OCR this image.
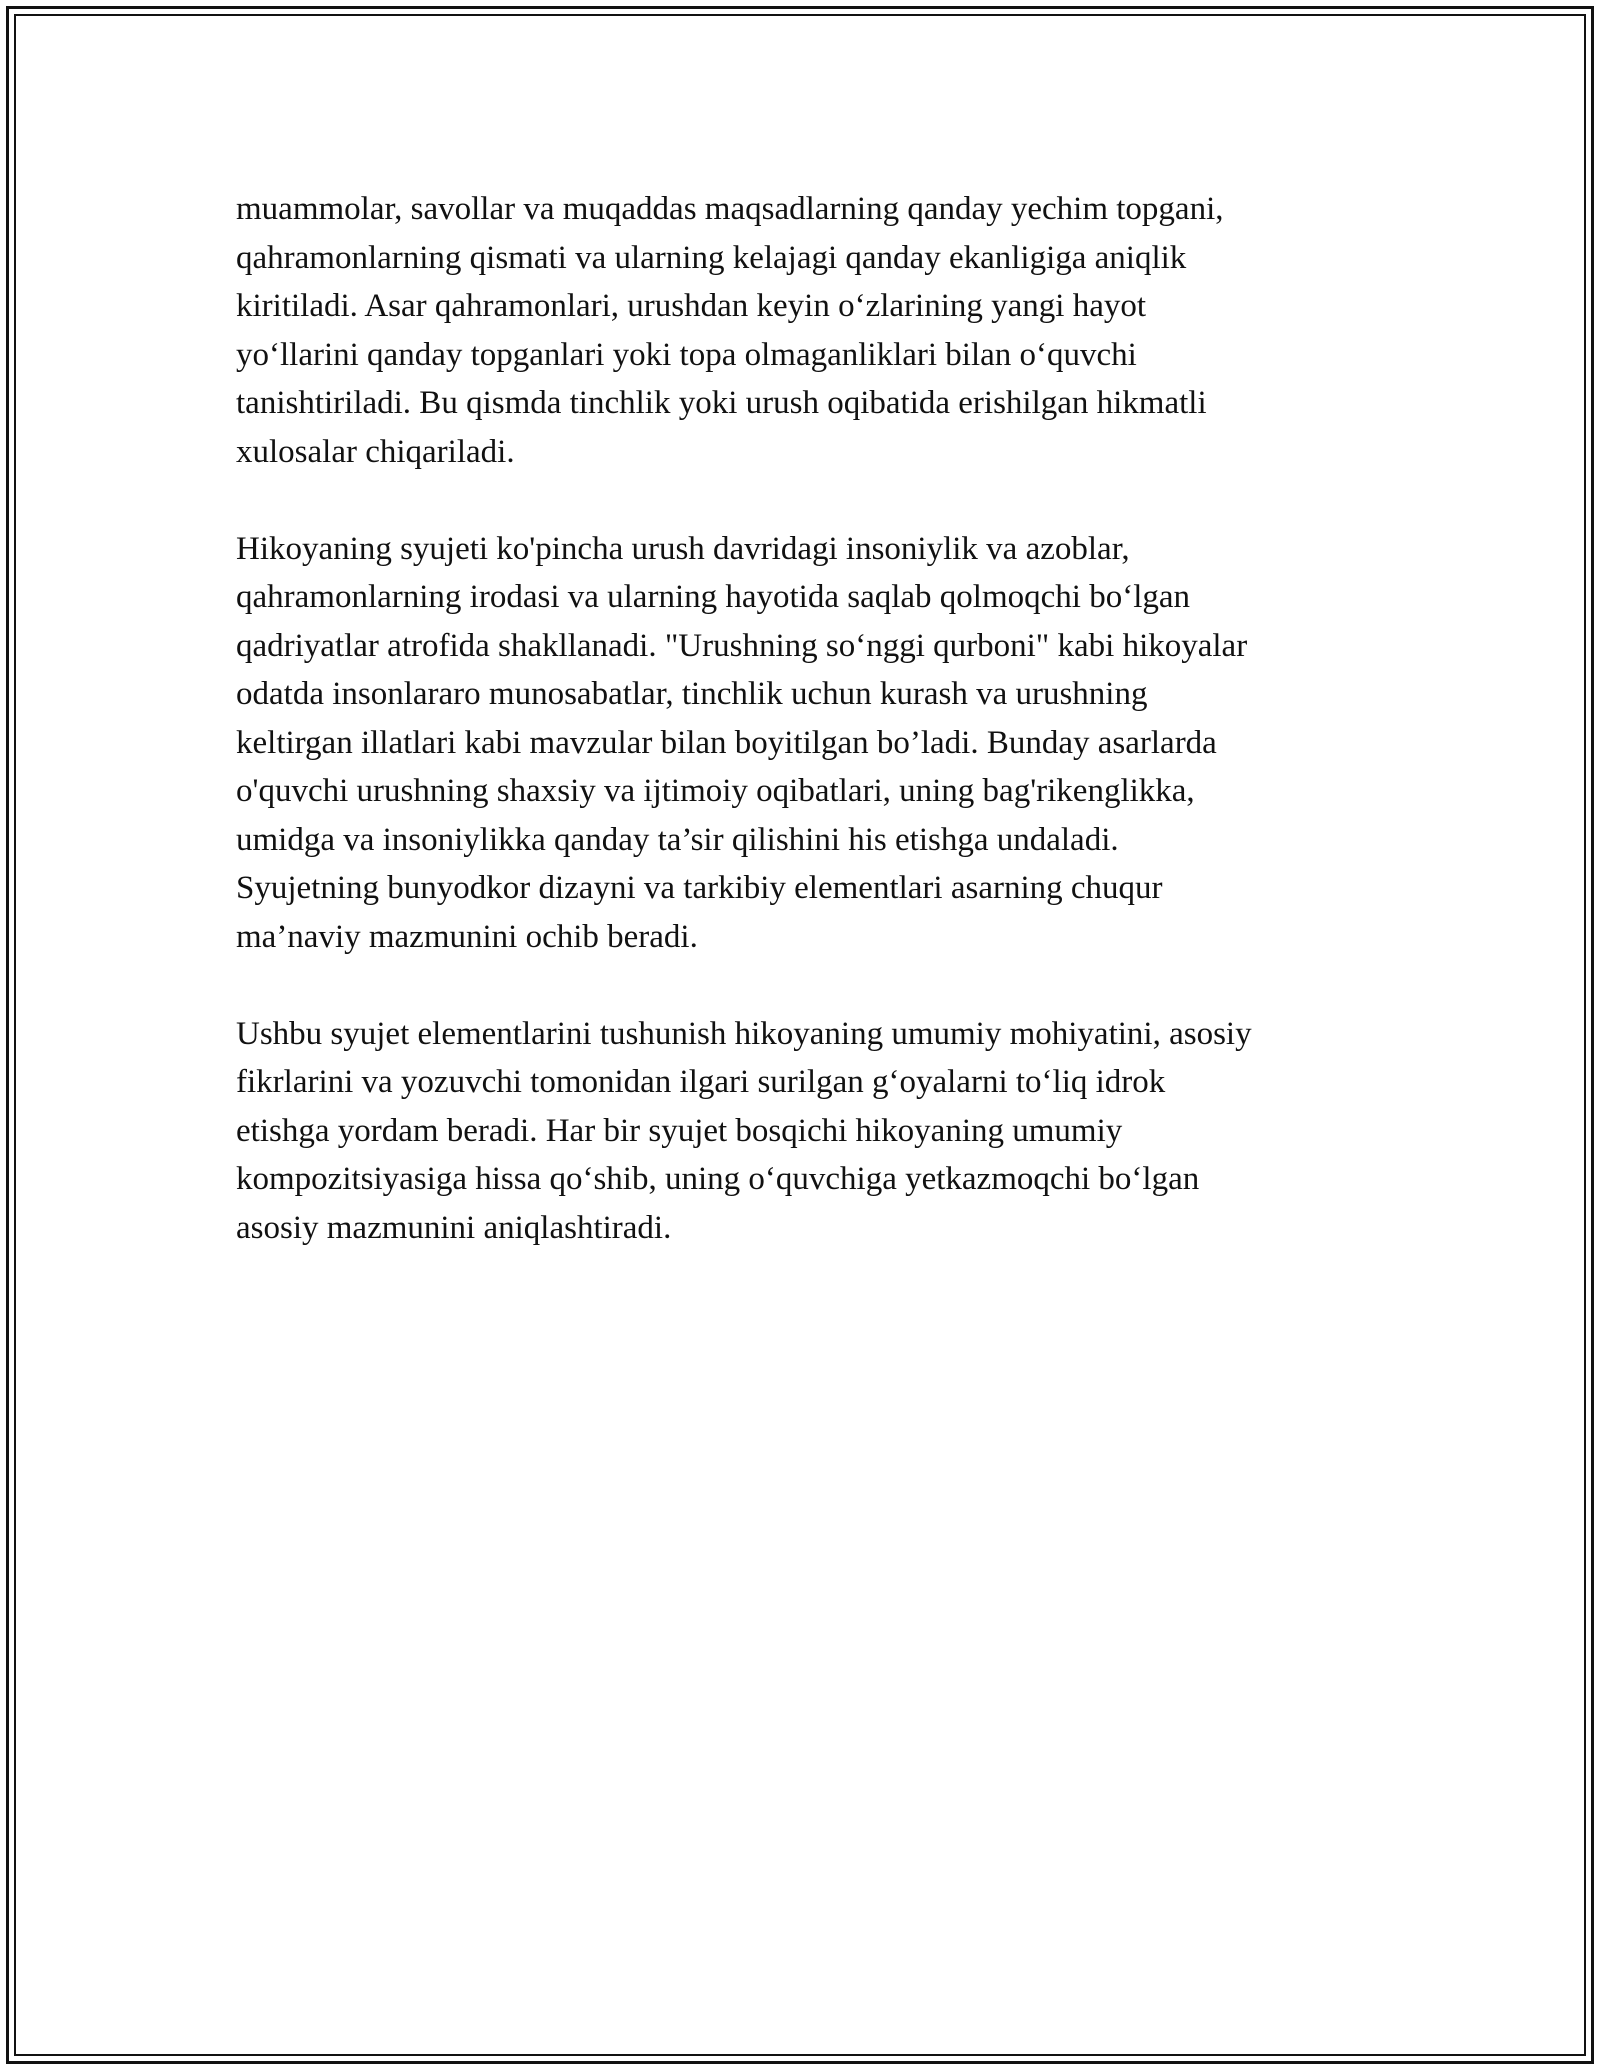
muammolar, savollar va muqaddas maqsadlarning qanday yechim topgani,
qahramonlarning qismati va ularning kelajagi qanday ekanligiga aniqlik
kiritiladi. Asar qahramonlari, urushdan keyin o‘zlarining yangi hayot
yo‘llarini qanday topganlari yoki topa olmaganliklari bilan o‘quvchi
tanishtiriladi. Bu qismda tinchlik yoki urush oqibatida erishilgan hikmatli
xulosalar chiqariladi.

Hikoyaning syujeti ko'pincha urush davridagi insoniylik va azoblar,
qahramonlarning irodasi va ularning hayotida saqlab qolmoqchi bo‘lgan
qadriyatlar atrofida shakllanadi. "Urushning so‘nggi qurboni" kabi hikoyalar
odatda insonlararo munosabatlar, tinchlik uchun kurash va urushning
keltirgan illatlari kabi mavzular bilan boyitilgan bo’ladi. Bunday asarlarda
o'quvchi urushning shaxsiy va ijtimoiy oqibatlari, uning bag'rikenglikka,
umidga va insoniylikka qanday ta’sir qilishini his etishga undaladi.
Syujetning bunyodkor dizayni va tarkibiy elementlari asarning chuqur
ma’naviy mazmunini ochib beradi.

Ushbu syujet elementlarini tushunish hikoyaning umumiy mohiyatini, asosiy
fikrlarini va yozuvchi tomonidan ilgari surilgan g‘oyalarni to‘liq idrok
etishga yordam beradi. Har bir syujet bosqichi hikoyaning umumiy
kompozitsiyasiga hissa qo‘shib, uning o‘quvchiga yetkazmoqchi bo‘lgan
asosiy mazmunini aniqlashtiradi.
